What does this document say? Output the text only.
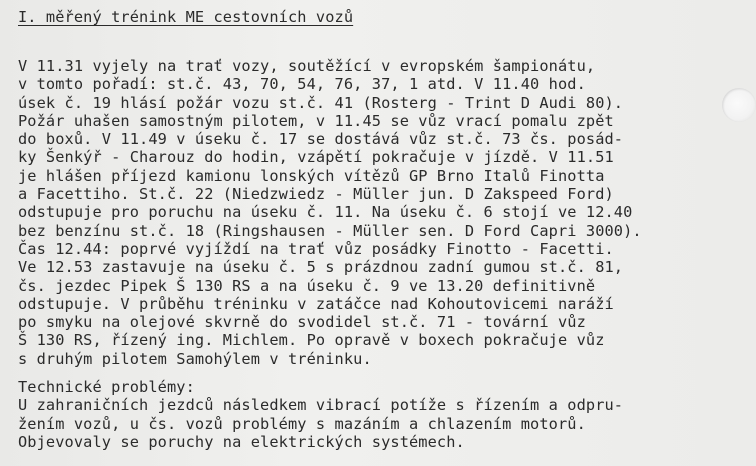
I. měřený trénink ME cestovních vozů
V 11.31 vyjely na trať vozy, soutěžící v evropském šampionátu,
v tomto pořadí: st.č. 43, 70, 54, 76, 37, 1 atd. V 11.40 hod.
úsek č. 19 hlásí požár vozu st.č. 41 (Rosterg - Trint D Audi 80).
Požár uhašen samostným pilotem, v 11.45 se vůz vrací pomalu zpět
do boxů. V 11.49 v úseku č. 17 se dostává vůz st.č. 73 čs. posád-
ky Šenkýř - Charouz do hodin, vzápětí pokračuje v jízdě. V 11.51
je hlášen příjezd kamionu lonských vítězů GP Brno Italů Finotta
a Facettiho. St.č. 22 (Niedzwiedz - Müller jun. D Zakspeed Ford)
odstupuje pro poruchu na úseku č. 11. Na úseku č. 6 stojí ve 12.40
bez benzínu st.č. 18 (Ringshausen - Müller sen. D Ford Capri 3000).
Čas 12.44: poprvé vyjíždí na trať vůz posádky Finotto - Facetti.
Ve 12.53 zastavuje na úseku č. 5 s prázdnou zadní gumou st.č. 81,
čs. jezdec Pipek Š 130 RS a na úseku č. 9 ve 13.20 definitivně
odstupuje. V průběhu tréninku v zatáčce nad Kohoutovicemi naráží
po smyku na olejové skvrně do svodidel st.č. 71 - tovární vůz
Š 130 RS, řízený ing. Michlem. Po opravě v boxech pokračuje vůz
s druhým pilotem Samohýlem v tréninku.
Technické problémy:
U zahraničních jezdců následkem vibrací potíže s řízením a odpru-
žením vozů, u čs. vozů problémy s mazáním a chlazením motorů.
Objevovaly se poruchy na elektrických systémech.
